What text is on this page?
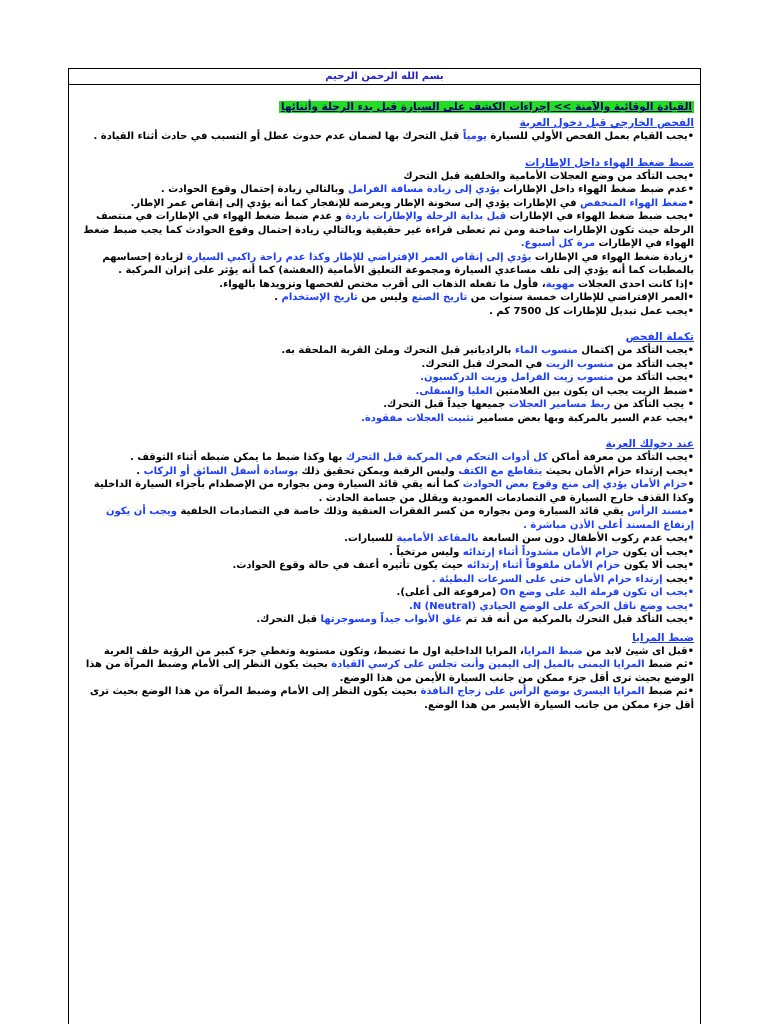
بسم الله الرحمن الرحيم
القيادة الوقائية والآمنة >> إجراءات الكشف على السيارة قبل بدء الرحلة وأثنائها

الفحص الخارجي قبل دخول العربة

•يجب القيام بعمل الفحص الأولي للسيارة يومياً قبل التحرك بها لضمان عدم حدوث عطل أو التسبب في حادث أثناء القيادة .

ضبط ضغط الهواء داخل الإطارات

•يجب التأكد من وضع العجلات الأمامية والخلفية قبل التحرك

•عدم ضبط ضغط الهواء داخل الإطارات يؤدي إلى زيادة مسافة الفرامل وبالتالي زيادة إحتمال وقوع الحوادث .

•ضغط الهواء المنخفض في الإطارات يؤدي إلى سخونة الإطار ويعرضه للإنفجار كما أنه يؤدي إلى إنقاص عمر الإطار.

•يجب ضبط ضغط الهواء في الإطارات قبل بداية الرحلة والإطارات باردة و عدم ضبط ضغط الهواء في الإطارات في منتصف الرحلة حيث تكون الإطارات ساخنة ومن ثم تعطى قراءة غير حقيقية وبالتالي زيادة إحتمال وقوع الحوادث كما يجب ضبط ضغط الهواء في الإطارات مرة كل أسبوع.

•زيادة ضغط الهواء في الإطارات يؤدي إلى إنقاص العمر الإفتراضي للإطار وكذا عدم راحة راكبي السيارة لزيادة إحساسهم بالمطبات كما أنه يؤدي إلى تلف مساعدي السيارة ومجموعة التعليق الأمامية (العفشة) كما أنه يؤثر على إتزان المركبة .

•إذا كانت احدى العجلات مهوية، فأول ما تفعله الذهاب الى أقرب مختص لفحصها وتزويدها بالهواء.

•العمر الإفتراضي للإطارات خمسة سنوات من تاريخ الصنع وليس من تاريخ الإستخدام .

•يجب عمل تبديل للإطارات كل 7500 كم .

تكملة الفحص

•يجب التأكد من إكتمال منسوب الماء بالرادياتير قبل التحرك وملئ القربة الملحقة به.

•يجب التأكد من منسوب الزيت في المحرك قبل التحرك.

•يجب التأكد من منسوب زيت الفرامل وزيت الدركسيون.

•ضبط الزيت يجب ان يكون بين العلامتين العليا والسفلى.

• يجب التأكد من ربط مسامير العجلات جميعها جيداً قبل التحرك.

•يجب عدم السير بالمركبة وبها بعض مسامير تثبيت العجلات مفقودة.

عند دخولك العربة

•يجب التأكد من معرفة أماكن كل أدوات التحكم في المركبة قبل التحرك بها وكذا ضبط ما يمكن ضبطه أثناء التوقف .

•يجب إرتداء حزام الأمان بحيث يتقاطع مع الكتف وليس الرقبة ويمكن تحقيق ذلك بوسادة أسفل السائق أو الركاب .

•حزام الأمان يؤدي إلى منع وقوع بعض الحوادث كما أنه يقي قائد السيارة ومن بجواره من الإصطدام بأجزاء السيارة الداخلية وكذا القذف خارج السيارة في التصادمات العمودية ويقلل من جسامة الحادث .

•مسند الرأس يقي قائد السيارة ومن بجواره من كسر الفقرات العنقية وذلك خاصة في التصادمات الخلفية ويجب أن يكون إرتفاع المسند أعلى الأذن مباشرة .

•يجب عدم ركوب الأطفال دون سن السابعة بالمقاعد الأمامية للسيارات.

•يجب أن يكون حزام الأمان مشدوداً أثناء إرتدائه وليس مرتخياً .

•يجب ألا يكون حزام الأمان ملفوفاً أثناء إرتدائه حيث يكون تأثيره أعنف في حالة وقوع الحوادث.

•يجب إرتداء حزام الأمان حتى على السرعات البطيئة .

•يجب ان تكون فرملة اليد على وضع On (مرفوعة الى أعلى).

•يجب وضع ناقل الحركة على الوضع الحيادي (Neutral) N.

•يجب التأكد قبل التحرك بالمركبة من أنه قد تم غلق الأبواب جيداً ومسوجرتها قبل التحرك.

ضبط المرايا

•قبل اى شيئ لابد من ضبط المرايا، المرايا الداخلية اول ما تضبط، وتكون مستوية وتغطي جزء كبير من الرؤية خلف العربة

•ثم ضبط المرايا اليمنى بالميل إلى اليمين وأنت تجلس على كرسي القيادة بحيث يكون النظر إلى الأمام وضبط المرآة من هذا الوضع بحيث ترى أقل جزء ممكن من جانب السيارة الأيمن من هذا الوضع.

•ثم ضبط المرايا اليسرى بوضع الرأس على زجاج النافذة بحيث يكون النظر إلى الأمام وضبط المرآة من هذا الوضع بحيث ترى أقل جزء ممكن من جانب السيارة الأيسر من هذا الوضع.
